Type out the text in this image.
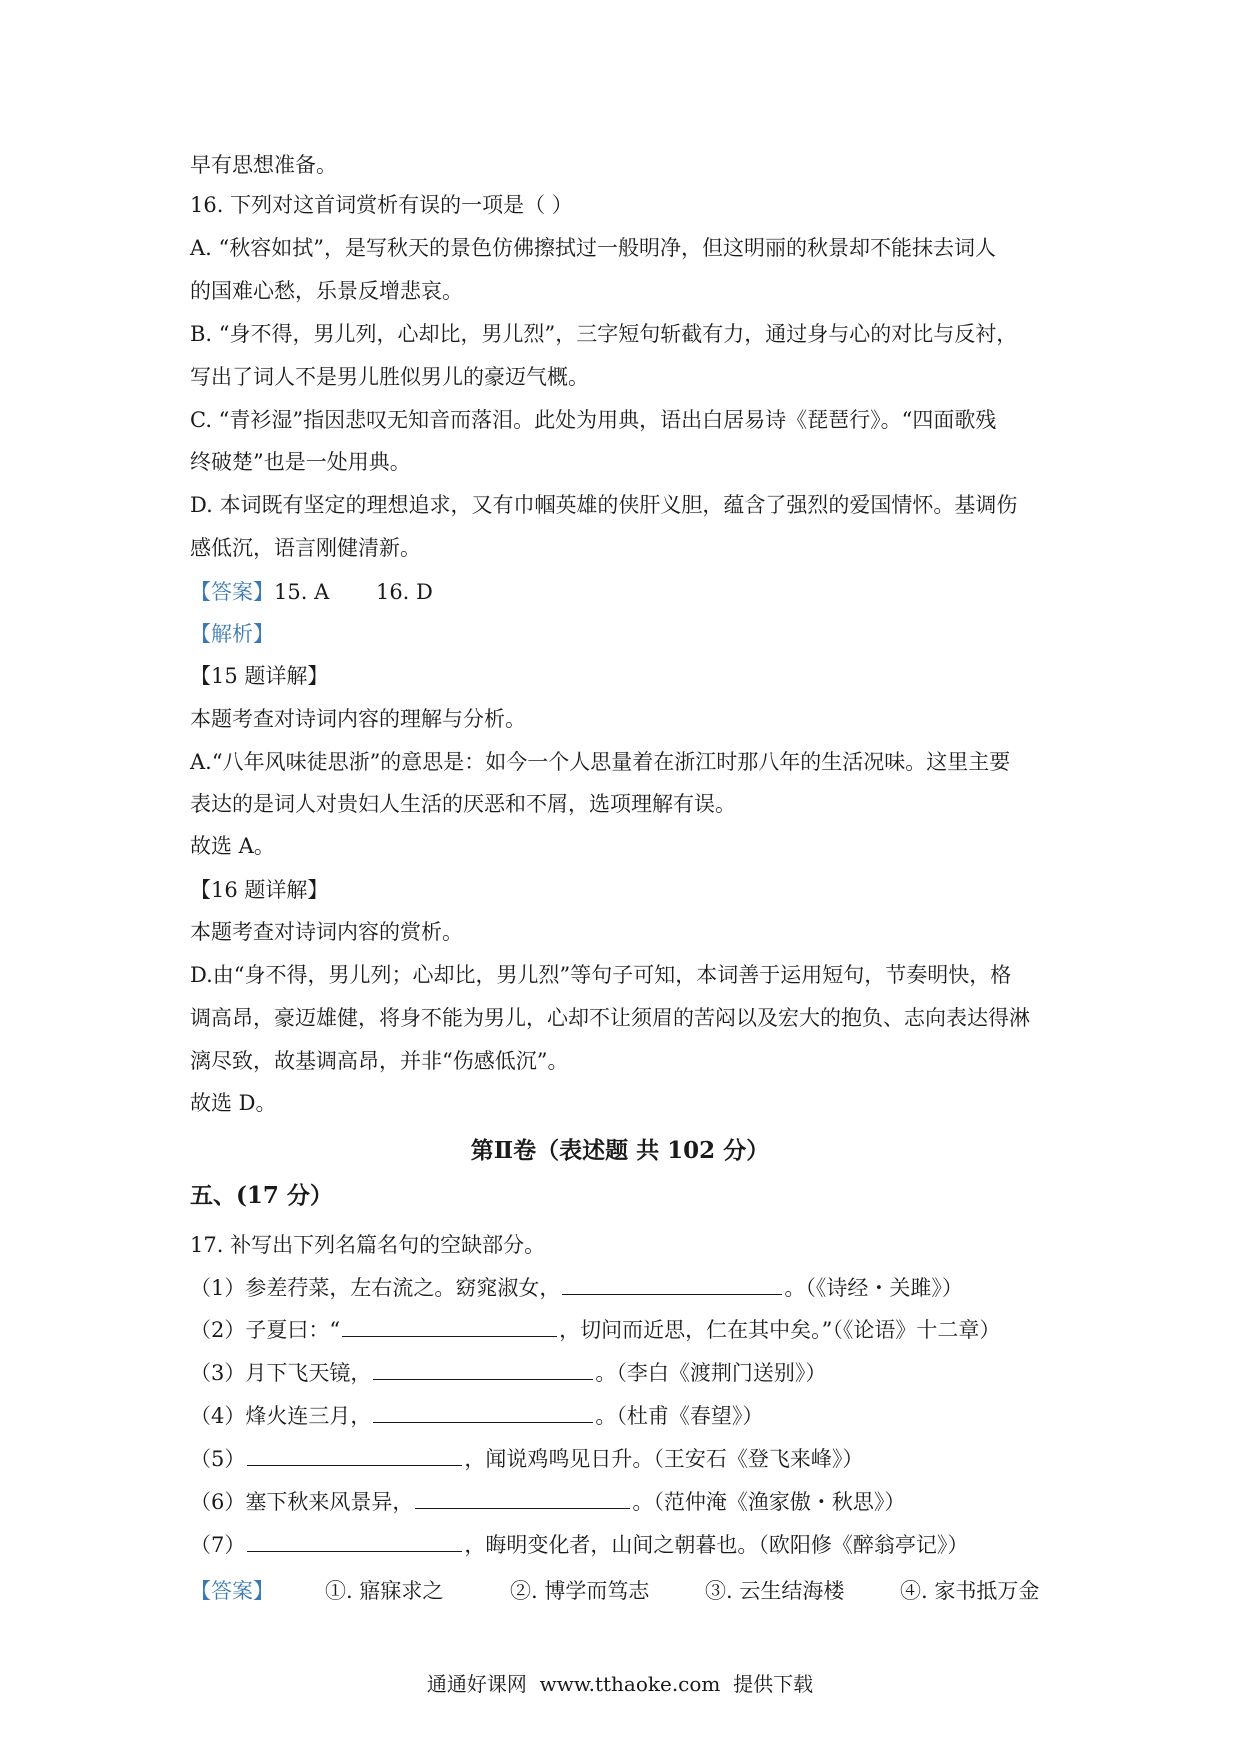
早有思想准备。
16. 下列对这首词赏析有误的一项是（ ）
A. “秋容如拭”，是写秋天的景色仿佛擦拭过一般明净，但这明丽的秋景却不能抹去词人
的国难心愁，乐景反增悲哀。
B. “身不得，男儿列，心却比，男儿烈”，三字短句斩截有力，通过身与心的对比与反衬，
写出了词人不是男儿胜似男儿的豪迈气概。
C. “青衫湿”指因悲叹无知音而落泪。此处为用典，语出白居易诗《琵琶行》。“四面歌残
终破楚”也是一处用典。
D. 本词既有坚定的理想追求，又有巾帼英雄的侠肝义胆，蕴含了强烈的爱国情怀。基调伤
感低沉，语言刚健清新。
【答案】15. A       16. D
【解析】
【15 题详解】
本题考查对诗词内容的理解与分析。
A.“八年风味徒思浙”的意思是：如今一个人思量着在浙江时那八年的生活况味。这里主要
表达的是词人对贵妇人生活的厌恶和不屑，选项理解有误。
故选 A。
【16 题详解】
本题考查对诗词内容的赏析。
D.由“身不得，男儿列；心却比，男儿烈”等句子可知，本词善于运用短句，节奏明快，格
调高昂，豪迈雄健，将身不能为男儿，心却不让须眉的苦闷以及宏大的抱负、志向表达得淋
漓尽致，故基调高昂，并非“伤感低沉”。
故选 D。
第Ⅱ卷（表述题 共 102 分）
五、(17 分）
17. 补写出下列名篇名句的空缺部分。
（1）参差荇菜，左右流之。窈窕淑女，	。（《诗经・关雎》）
（2）子夏曰：“	，切问而近思，仁在其中矣。”（《论语》十二章）
（3）月下飞天镜，	。（李白《渡荆门送别》）
（4）烽火连三月，	。（杜甫《春望》）
（5）	，闻说鸡鸣见日升。（王安石《登飞来峰》）
（6）塞下秋来风景异，	。（范仲淹《渔家傲・秋思》）
（7）	，晦明变化者，山间之朝暮也。（欧阳修《醉翁亭记》）
【答案】 ①. 寤寐求之	②. 博学而笃志	③. 云生结海楼	④. 家书抵万金
通通好课网  www.tthaoke.com  提供下载
